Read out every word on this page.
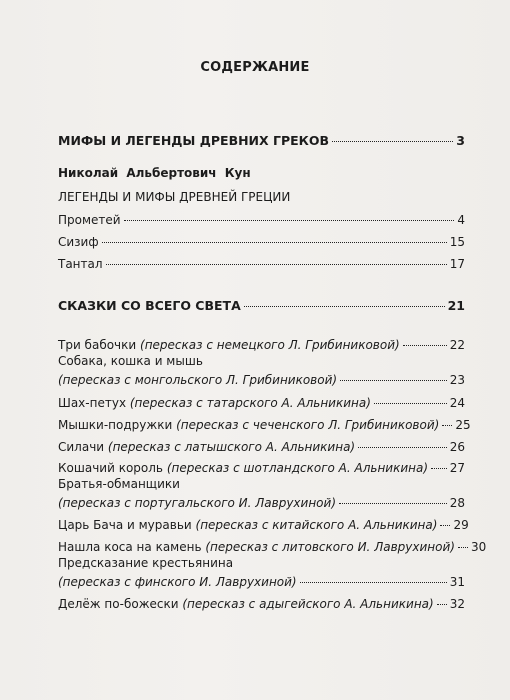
СОДЕРЖАНИЕ
МИФЫ И ЛЕГЕНДЫ ДРЕВНИХ ГРЕКОВ	3
Николай Альбертович Кун
ЛЕГЕНДЫ И МИФЫ ДРЕВНЕЙ ГРЕЦИИ
Прометей	4
Сизиф	15
Тантал	17
СКАЗКИ СО ВСЕГО СВЕТА	21
Три бабочки (пересказ с немецкого Л. Грибиниковой)	22
Собака, кошка и мышь
(пересказ с монгольского Л. Грибиниковой)	23
Шах-петух (пересказ с татарского А. Альникина)	24
Мышки-подружки (пересказ с чеченского Л. Грибиниковой) 25
Силачи (пересказ с латышского А. Альникина)	26
Кошачий король (пересказ с шотландского А. Альникина) 27
Братья-обманщики
(пересказ с португальского И. Лаврухиной)	28
Царь Бача и муравьи (пересказ с китайского А. Альникина) 29
Нашла коса на камень (пересказ с литовского И. Лаврухиной) 30
Предсказание крестьянина
(пересказ с финского И. Лаврухиной)	31
Делёж по-божески (пересказ с адыгейского А. Альникина) 32
